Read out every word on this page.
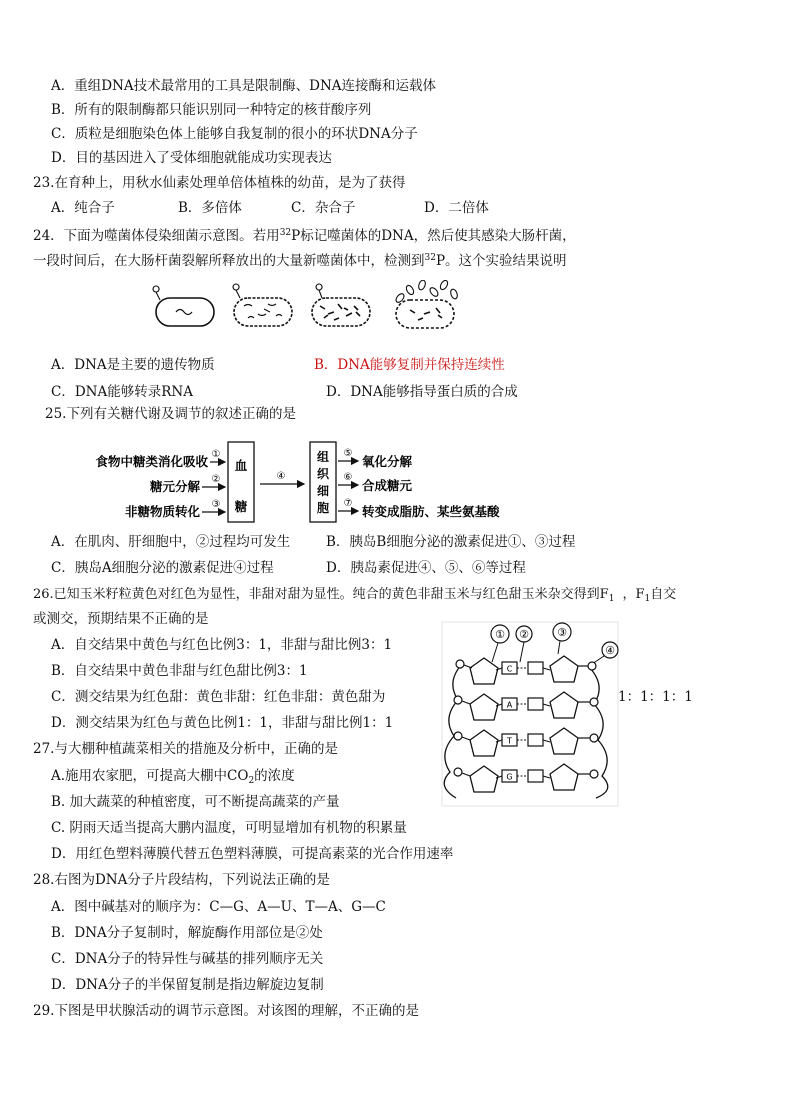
A．重组DNA技术最常用的工具是限制酶、DNA连接酶和运载体
B．所有的限制酶都只能识别同一种特定的核苷酸序列
C．质粒是细胞染色体上能够自我复制的很小的环状DNA分子
D．目的基因进入了受体细胞就能成功实现表达
23.在育种上，用秋水仙素处理单倍体植株的幼苗，是为了获得
A．纯合子	B．多倍体	C．杂合子	D．二倍体
24．下面为噬菌体侵染细菌示意图。若用$^{32}$P标记噬菌体的DNA，然后使其感染大肠杆菌，
一段时间后，在大肠杆菌裂解所释放出的大量新噬菌体中，检测到$^{32}$P。这个实验结果说明
A．DNA是主要的遗传物质	B．DNA能够复制并保持连续性
C．DNA能够转录RNA	D．DNA能够指导蛋白质的合成
25.下列有关糖代谢及调节的叙述正确的是
食物中糖类消化吸收
糖元分解
非糖物质转化
①
②
③
血
糖
④
组
织
细
胞
⑤
⑥
⑦
氧化分解
合成糖元
转变成脂肪、某些氨基酸
A．在肌肉、肝细胞中，②过程均可发生	B．胰岛B细胞分泌的激素促进①、③过程
C．胰岛A细胞分泌的激素促进④过程	D．胰岛素促进④、⑤、⑥等过程
26.已知玉米籽粒黄色对红色为显性，非甜对甜为显性。纯合的黄色非甜玉米与红色甜玉米杂交得到$F_1$ ，$F_1$自交
或测交，预期结果不正确的是
A．自交结果中黄色与红色比例3：1，非甜与甜比例3：1
B．自交结果中黄色非甜与红色甜比例3：1
C．测交结果为红色甜：黄色非甜：红色非甜：黄色甜为	1：1：1：1
D．测交结果为红色与黄色比例1：1，非甜与甜比例1：1
① ②	③
④
C
A
T
G
27.与大棚种植蔬菜相关的措施及分析中，正确的是
A.施用农家肥，可提高大棚中$CO_2$的浓度
B. 加大蔬菜的种植密度，可不断提高蔬菜的产量
C. 阴雨天适当提高大鹏内温度，可明显增加有机物的积累量
D．用红色塑料薄膜代替五色塑料薄膜，可提高素菜的光合作用速率
28.右图为DNA分子片段结构，下列说法正确的是
A．图中碱基对的顺序为：C—G、A—U、T—A、G—C
B．DNA分子复制时，解旋酶作用部位是②处
C．DNA分子的特异性与碱基的排列顺序无关
D．DNA分子的半保留复制是指边解旋边复制
29.下图是甲状腺活动的调节示意图。对该图的理解，不正确的是
